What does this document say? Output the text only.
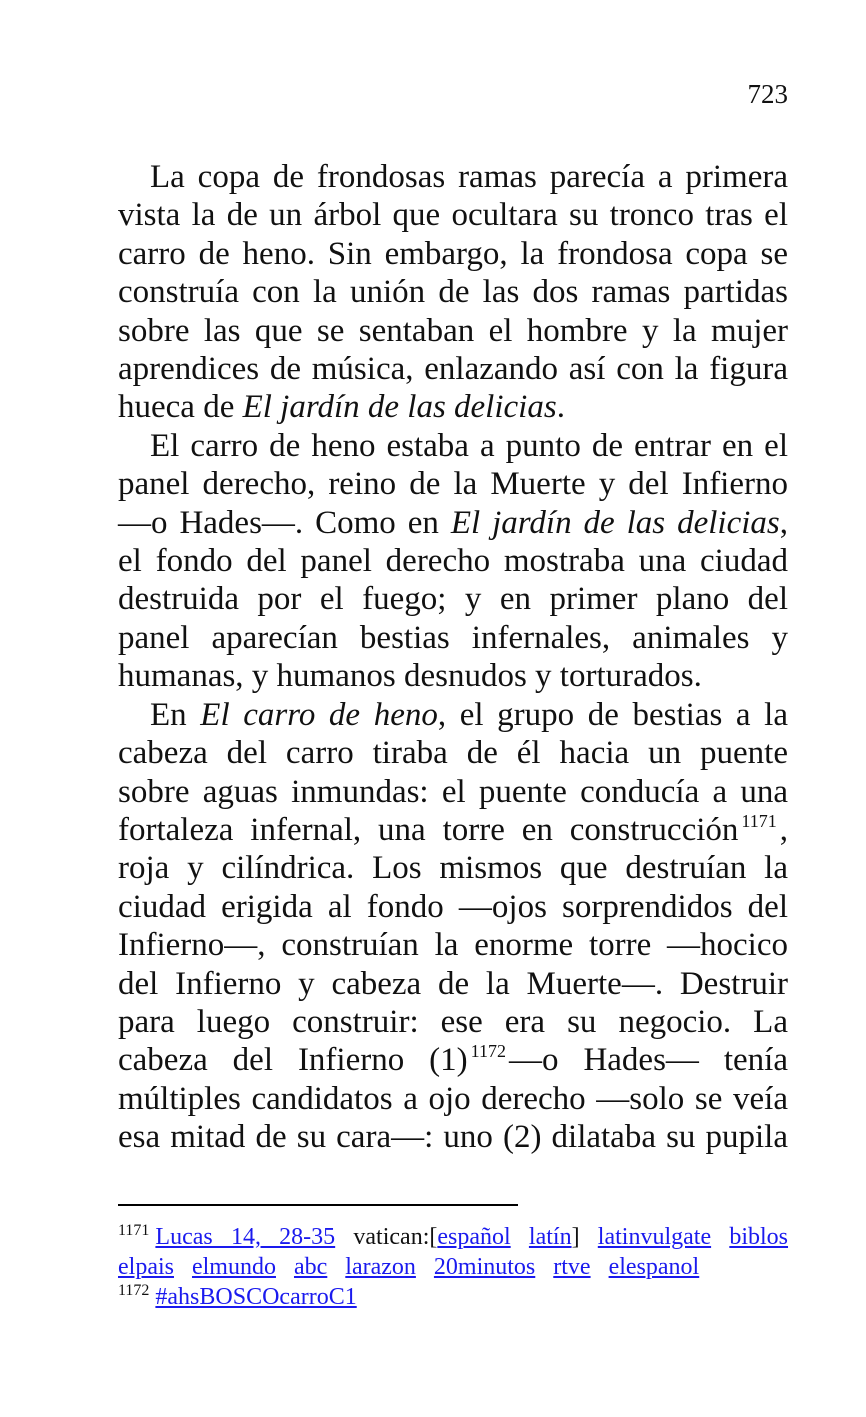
723
La copa de frondosas ramas parecía a primera
vista la de un árbol que ocultara su tronco tras el
carro de heno. Sin embargo, la frondosa copa se
construía con la unión de las dos ramas partidas
sobre las que se sentaban el hombre y la mujer
aprendices de música, enlazando así con la figura
hueca de El jardín de las delicias.
El carro de heno estaba a punto de entrar en el
panel derecho, reino de la Muerte y del Infierno
—o Hades—. Como en El jardín de las delicias,
el fondo del panel derecho mostraba una ciudad
destruida por el fuego; y en primer plano del
panel aparecían bestias infernales, animales y
humanas, y humanos desnudos y torturados.
En El carro de heno, el grupo de bestias a la
cabeza del carro tiraba de él hacia un puente
sobre aguas inmundas: el puente conducía a una
fortaleza infernal, una torre en construcción $^{1171}$,
roja y cilíndrica. Los mismos que destruían la
ciudad erigida al fondo —ojos sorprendidos del
Infierno—, construían la enorme torre —hocico
del Infierno y cabeza de la Muerte—. Destruir
para luego construir: ese era su negocio. La
cabeza del Infierno (1) $^{1172}$—o Hades— tenía
múltiples candidatos a ojo derecho —solo se veía
esa mitad de su cara—: uno (2) dilataba su pupila
$^{1171}$ Lucas 14, 28-35 vatican:[español latín] latinvulgate biblos
elpais elmundo abc larazon 20minutos rtve elespanol
$^{1172}$ #ahsBOSCOcarroC1
